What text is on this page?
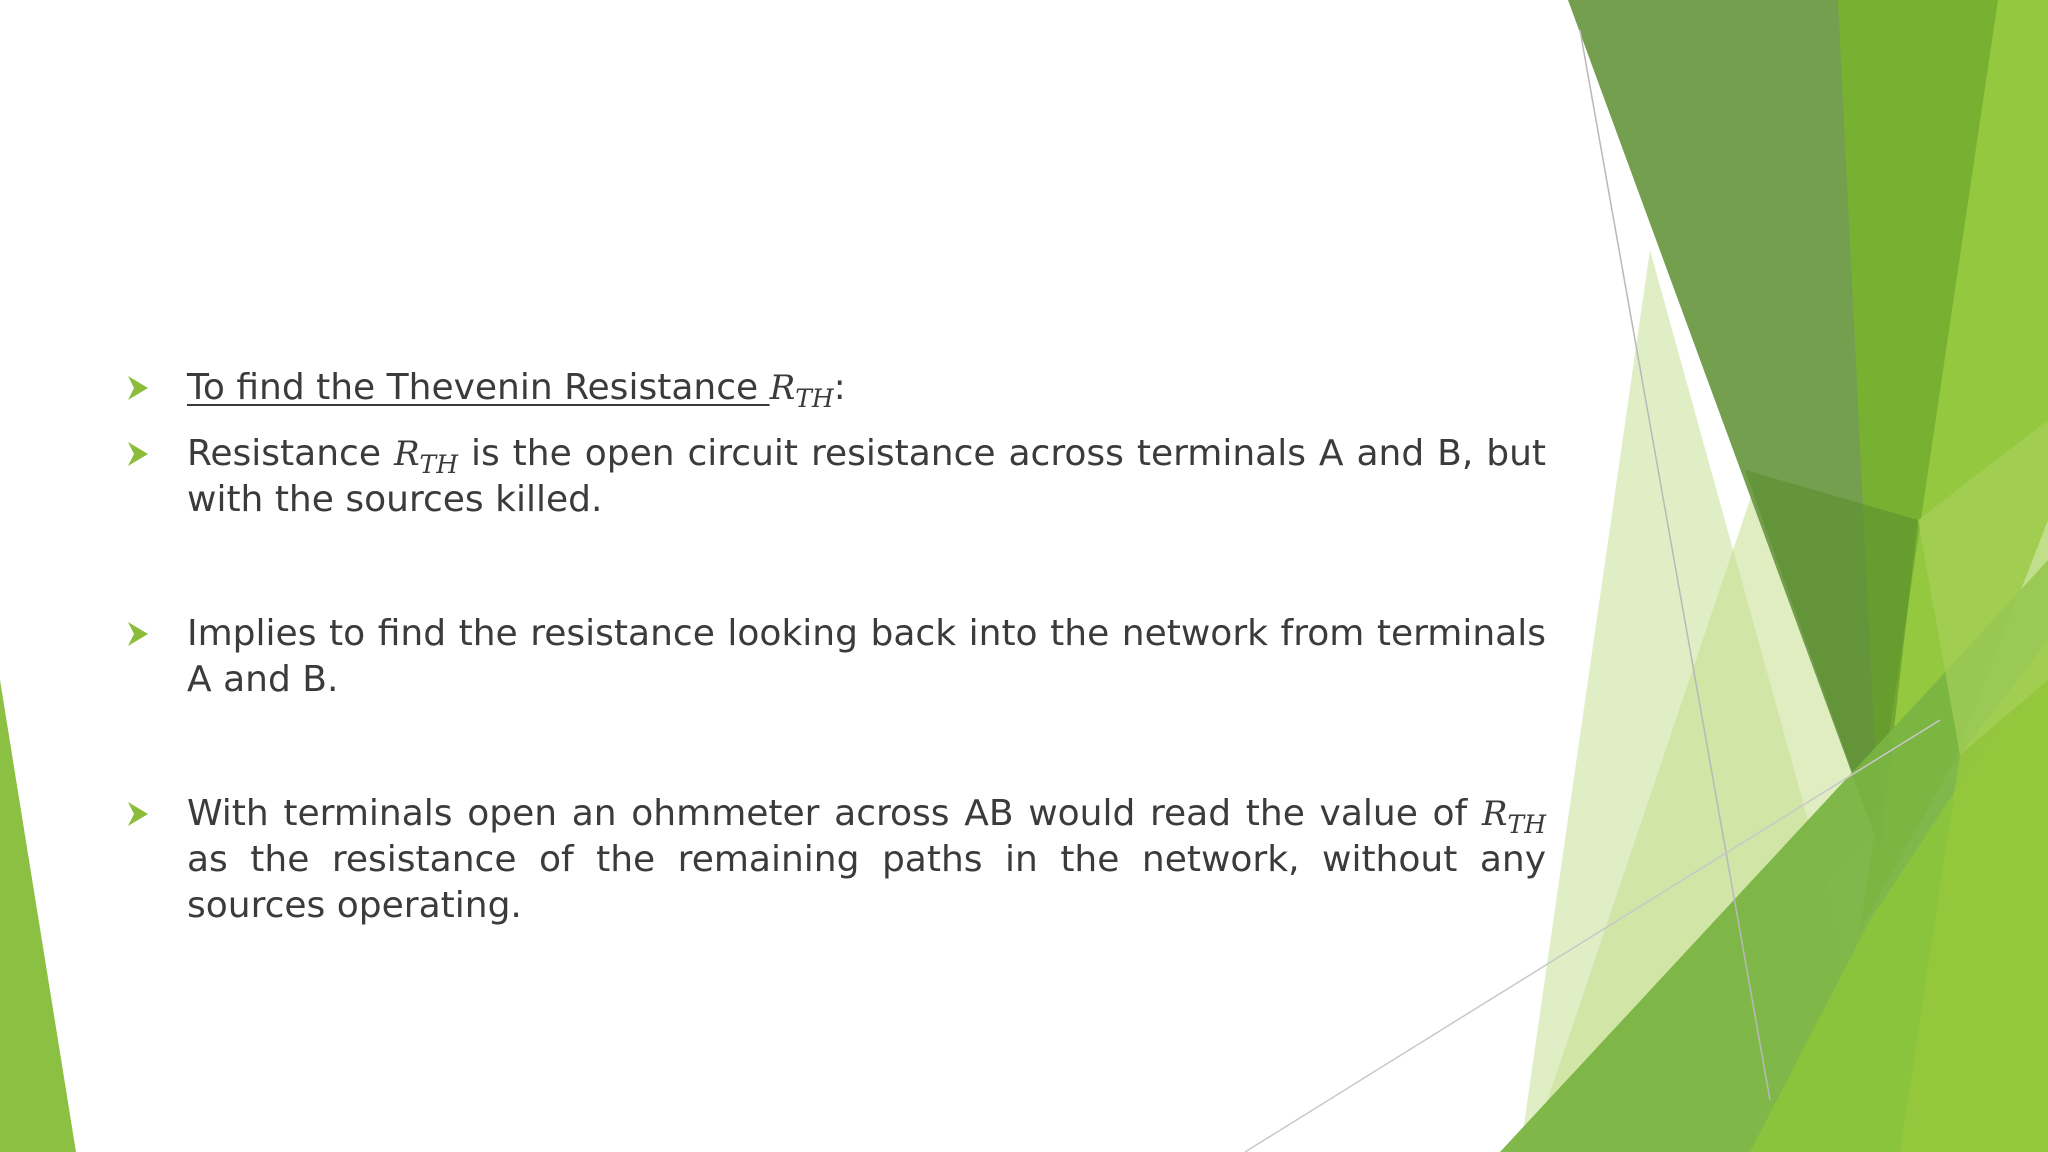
To find the Thevenin Resistance $R_{TH}$:
Resistance $R_{TH}$ is the open circuit resistance across terminals A and B, but with the sources killed.
Implies to find the resistance looking back into the network from terminals A and B.
With terminals open an ohmmeter across AB would read the value of $R_{TH}$ as the resistance of the remaining paths in the network, without any sources operating.
